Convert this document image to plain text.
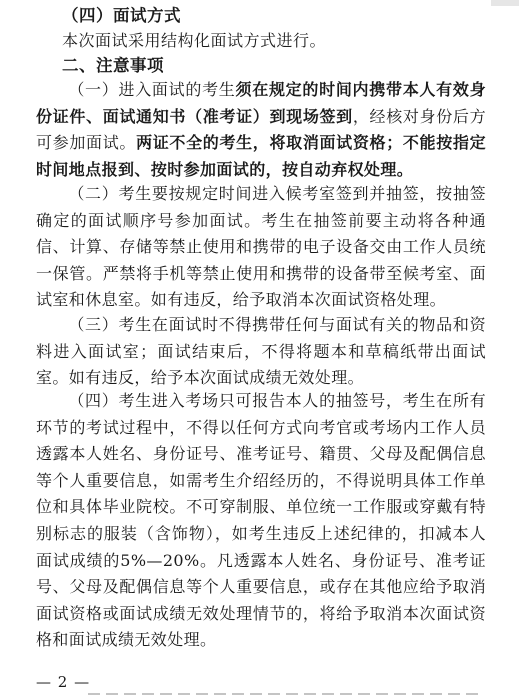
（四）面试方式
本次面试采用结构化面试方式进行。
二、注意事项
（一）进入面试的考生须在规定的时间内携带本人有效身份证件、面试通知书（准考证）到现场签到，经核对身份后方可参加面试。两证不全的考生，将取消面试资格；不能按指定时间地点报到、按时参加面试的，按自动弃权处理。
（二）考生要按规定时间进入候考室签到并抽签，按抽签确定的面试顺序号参加面试。考生在抽签前要主动将各种通信、计算、存储等禁止使用和携带的电子设备交由工作人员统一保管。严禁将手机等禁止使用和携带的设备带至候考室、面试室和休息室。如有违反，给予取消本次面试资格处理。
（三）考生在面试时不得携带任何与面试有关的物品和资料进入面试室；面试结束后，不得将题本和草稿纸带出面试室。如有违反，给予本次面试成绩无效处理。
（四）考生进入考场只可报告本人的抽签号，考生在所有环节的考试过程中，不得以任何方式向考官或考场内工作人员透露本人姓名、身份证号、准考证号、籍贯、父母及配偶信息等个人重要信息，如需考生介绍经历的，不得说明具体工作单位和具体毕业院校。不可穿制服、单位统一工作服或穿戴有特别标志的服装（含饰物），如考生违反上述纪律的，扣减本人面试成绩的5%—20%。凡透露本人姓名、身份证号、准考证号、父母及配偶信息等个人重要信息，或存在其他应给予取消面试资格或面试成绩无效处理情节的，将给予取消本次面试资格和面试成绩无效处理。
— 2 —
